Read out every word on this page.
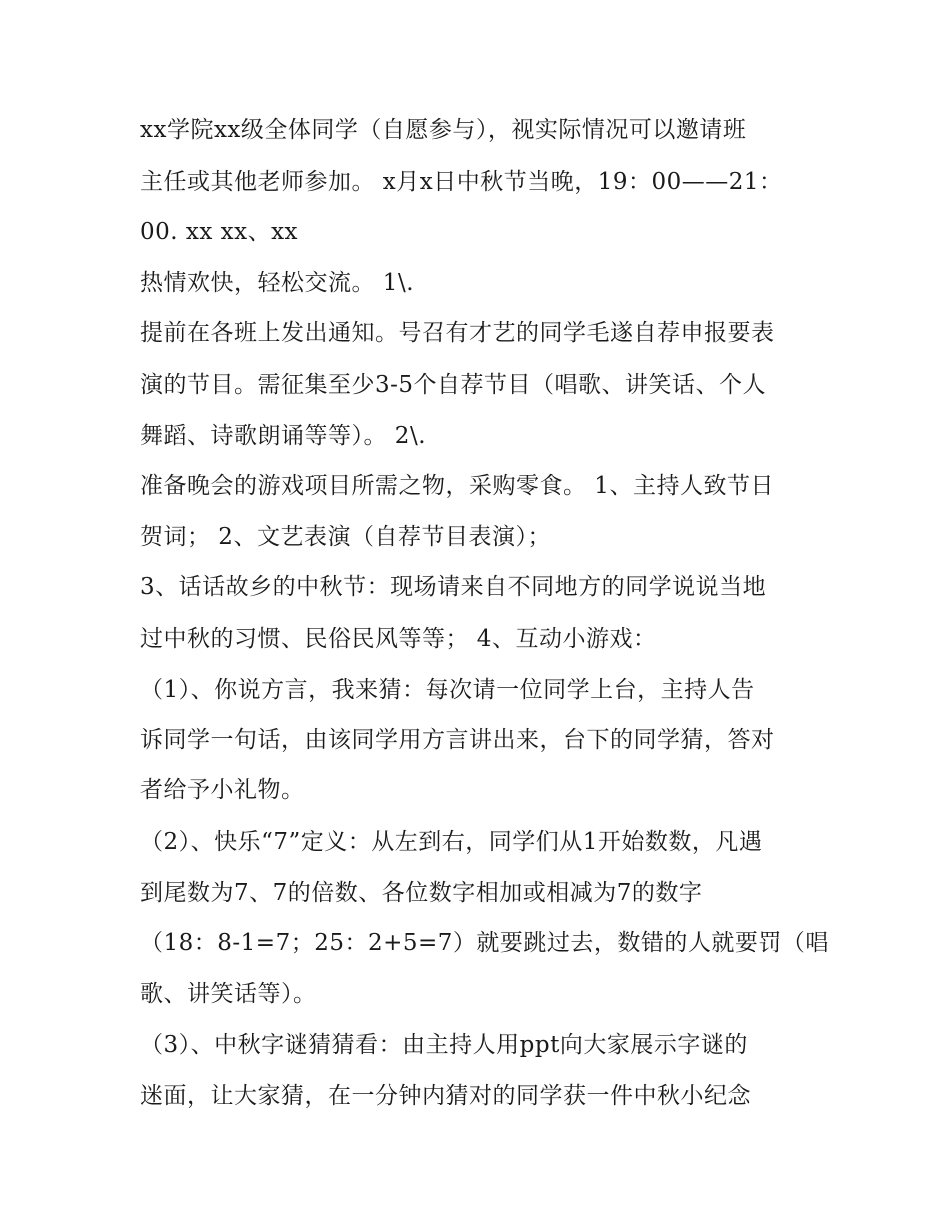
xx学院xx级全体同学（自愿参与），视实际情况可以邀请班
主任或其他老师参加。 x月x日中秋节当晚，19：00——21：
00. xx xx、xx
热情欢快，轻松交流。 1\.
提前在各班上发出通知。号召有才艺的同学毛遂自荐申报要表
演的节目。需征集至少3-5个自荐节目（唱歌、讲笑话、个人
舞蹈、诗歌朗诵等等）。 2\.
准备晚会的游戏项目所需之物，采购零食。 1、主持人致节日
贺词； 2、文艺表演（自荐节目表演）；
3、话话故乡的中秋节：现场请来自不同地方的同学说说当地
过中秋的习惯、民俗民风等等； 4、互动小游戏：
（1）、你说方言，我来猜：每次请一位同学上台，主持人告
诉同学一句话，由该同学用方言讲出来，台下的同学猜，答对
者给予小礼物。
（2）、快乐“7”定义：从左到右，同学们从1开始数数，凡遇
到尾数为7、7的倍数、各位数字相加或相减为7的数字
（18：8-1=7；25：2+5=7）就要跳过去，数错的人就要罚（唱
歌、讲笑话等）。
（3）、中秋字谜猜猜看：由主持人用ppt向大家展示字谜的
迷面，让大家猜，在一分钟内猜对的同学获一件中秋小纪念
